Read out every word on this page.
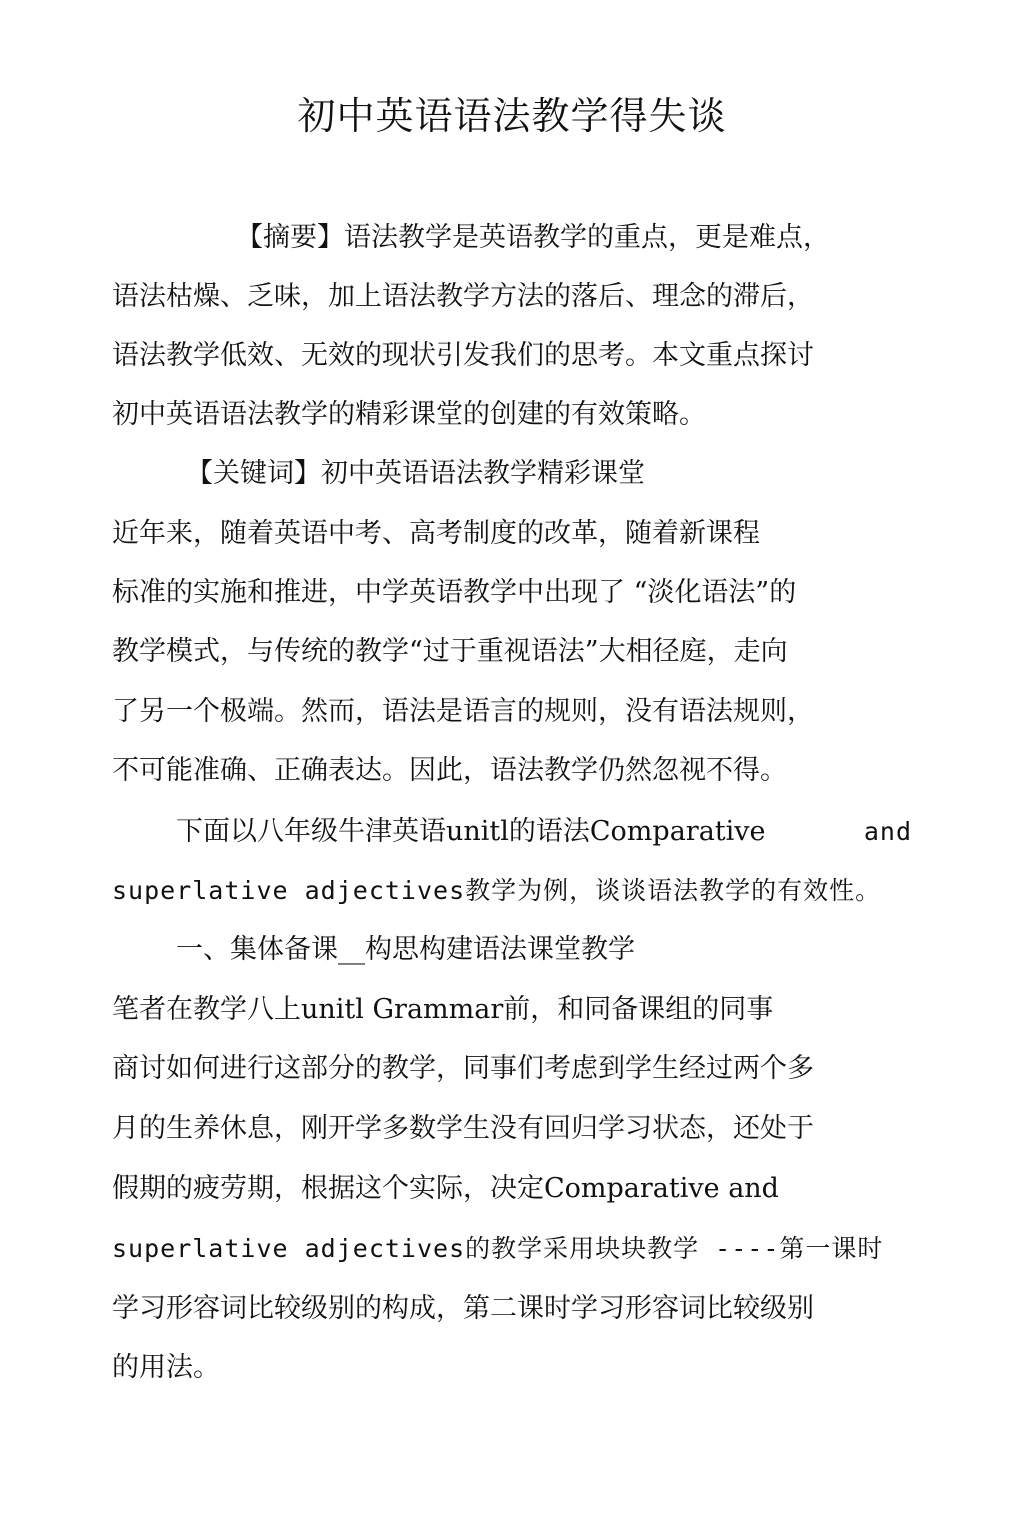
初中英语语法教学得失谈

【摘要】语法教学是英语教学的重点，更是难点，

语法枯燥、乏味，加上语法教学方法的落后、理念的滞后，

语法教学低效、无效的现状引发我们的思考。本文重点探讨

初中英语语法教学的精彩课堂的创建的有效策略。

【关键词】初中英语语法教学精彩课堂

近年来，随着英语中考、高考制度的改革，随着新课程

标准的实施和推进，中学英语教学中出现了 “淡化语法”的

教学模式，与传统的教学“过于重视语法”大相径庭，走向

了另一个极端。然而，语法是语言的规则，没有语法规则，

不可能准确、正确表达。因此，语法教学仍然忽视不得。

下面以八年级牛津英语unitl的语法Comparative	and

superlative adjectives教学为例，谈谈语法教学的有效性。

一、集体备课__构思构建语法课堂教学

笔者在教学八上unitl Grammar前，和同备课组的同事

商讨如何进行这部分的教学，同事们考虑到学生经过两个多

月的生养休息，刚开学多数学生没有回归学习状态，还处于

假期的疲劳期，根据这个实际，决定Comparative and

superlative adjectives的教学采用块块教学 ----第一课时

学习形容词比较级别的构成，第二课时学习形容词比较级别

的用法。
